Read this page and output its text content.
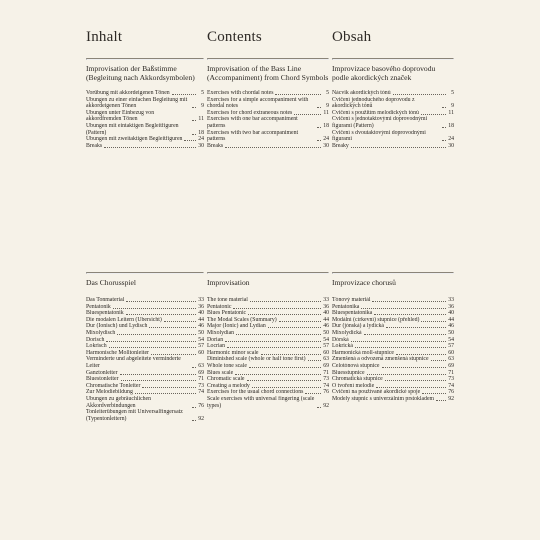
Inhalt
Improvisation der Baßstimme (Begleitung nach Akkordsymbolen)
Vorübung mit akkordeigenen Tönen	5
Übungen zu einer einfachen Begleitung mit akkordeigenen Tönen	9
Übungen unter Einbezug von akkordfremden Tönen	11
Übungen mit eintaktigen Begleitfiguren (Pattern)	18
Übungen mit zweitaktigen Begleitfiguren	24
Breaks	30
Das Chorusspiel
Das Tonmaterial	33
Pentatonik	36
Bluespentatonik	40
Die modalen Leitern (Übersicht)	44
Dur (Ionisch) und Lydisch	46
Mixolydisch	50
Dorisch	54
Lokrisch	57
Harmonische Molltonleiter	60
Verminderte und abgeleitete verminderte Leiter	63
Ganztonleiter	69
Bluestonleiter	71
Chromatische Tonleiter	73
Zur Melodiebildung	74
Übungen zu gebräuchlichen Akkordverbindungen	76
Tonleiterübungen mit Universalfingersatz (Typentonleitern)	92
Contents
Improvisation of the Bass Line (Accompaniment) from Chord Symbols
Exercises with chordal notes	5
Exercises for a simple accompaniment with chordal notes	9
Exercises for chord extraneous notes	11
Exercises with one bar accompaniment patterns	18
Exercises with two bar accompaniment patterns	24
Breaks	30
Improvisation
The tone material	33
Pentatonic	36
Blues Pentatonic	40
The Modal Scales (Summary)	44
Major (Ionic) and Lydian	46
Mixolydian	50
Dorian	54
Locrian	57
Harmonic minor scale	60
Diminished scale (whole or half tone first)	63
Whole tone scale	69
Blues scale	71
Chromatic scale	73
Creating a melody	74
Exercises for the usual chord connections	76
Scale exercises with universal fingering (scale types)	92
Obsah
Improvizace basového doprovodu podle akordických značek
Nácvik akordických tónů	5
Cvičení jednoduchého doprovodu z akordických tónů	9
Cvičení s použitím melodických tónů	11
Cvičení s jednotaktovými doprovodnými figurami (Pattern)	18
Cvičení s dvoutaktovými doprovodnými figurami	24
Breaky	30
Improvizace chorusů
Tónový materiál	33
Pentatonika	36
Bluespentatonika	40
Modální (církevní) stupnice (přehled)	44
Dur (jónská) a lydická	46
Mixolydická	50
Dórská	54
Lokrická	57
Harmonická moll-stupnice	60
Zmenšená a odvozená zmenšená stupnice	63
Celotónová stupnice	69
Bluesstupnice	71
Chromatická stupnice	73
O tvoření melodie	74
Cvičení na používané akordické spoje	76
Modely stupnic s univerzálním prstokladem 92
